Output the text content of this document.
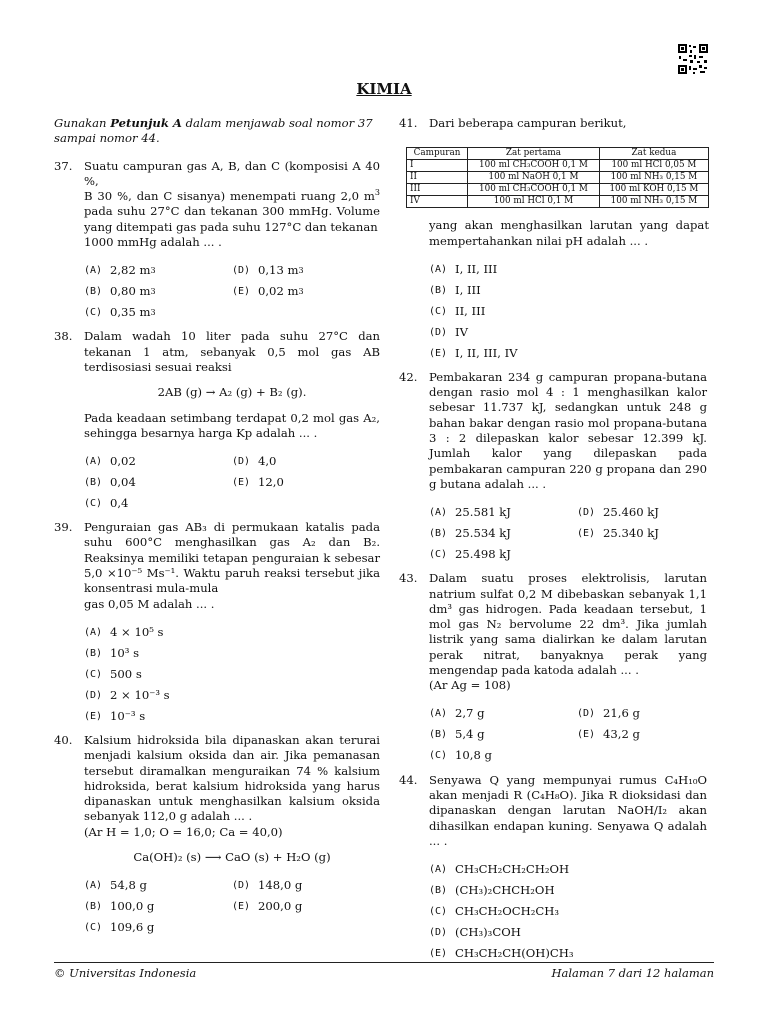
KIMIA
Gunakan Petunjuk A dalam menjawab soal nomor 37 sampai nomor 44.
37. Suatu campuran gas A, B, dan C (komposisi A 40 %,
B 30 %, dan C sisanya) menempati ruang 2,0 $m^3$ pada suhu 27°C dan tekanan 300 mmHg. Volume yang ditempati gas pada suhu 127°C dan tekanan
1000 mmHg adalah ... .

(A) 2,82 m 3	(D) 0,13 m 3
(B) 0,80 m 3	(E) 0,02 m 3
(C) 0,35 m 3
38. Dalam wadah 10 liter pada suhu 27°C dan tekanan 1 atm, sebanyak 0,5 mol gas AB terdisosiasi sesuai reaksi

2AB (g) → A₂ (g) + B₂ (g).

Pada keadaan setimbang terdapat 0,2 mol gas A₂, sehingga besarnya harga Kp adalah ... .

(A) 0,02	(D) 4,0
(B) 0,04	(E) 12,0
(C) 0,4
39. Penguraian gas AB₃ di permukaan katalis pada suhu 600°C menghasilkan gas A₂ dan B₂. Reaksinya memiliki tetapan penguraian k sebesar 5,0 ×10⁻⁵ Ms⁻¹. Waktu paruh reaksi tersebut jika konsentrasi mula-mula
gas 0,05 M adalah ... .

(A) 4 × 10⁵ s
(B) 10³ s
(C) 500 s
(D) 2 × 10⁻³ s
(E) 10⁻³ s
40. Kalsium hidroksida bila dipanaskan akan terurai menjadi kalsium oksida dan air. Jika pemanasan tersebut diramalkan menguraikan 74 % kalsium hidroksida, berat kalsium hidroksida yang harus dipanaskan untuk menghasilkan kalsium oksida sebanyak 112,0 g adalah ... .
(Ar H = 1,0; O = 16,0; Ca = 40,0)

Ca(OH)₂ (s) ⟶ CaO (s) + H₂O (g)
(A) 54,8 g	(D) 148,0 g
(B) 100,0 g	(E) 200,0 g
(C) 109,6 g
41. Dari beberapa campuran berikut,

Campuran	Zat pertama	Zat kedua
I	100 ml CH₃COOH 0,1 M	100 ml HCl 0,05 M
II	100 ml NaOH 0,1 M	100 ml NH₃ 0,15 M
III	100 ml CH₃COOH 0,1 M	100 ml KOH 0,15 M
IV	100 ml HCl 0,1 M	100 ml NH₃ 0,15 M

yang akan menghasilkan larutan yang dapat mempertahankan nilai pH adalah ... .

(A) I, II, III
(B) I, III
(C) II, III
(D) IV
(E) I, II, III, IV
42. Pembakaran 234 g campuran propana-butana dengan rasio mol 4 : 1 menghasilkan kalor sebesar 11.737 kJ, sedangkan untuk 248 g bahan bakar dengan rasio mol propana-butana 3 : 2 dilepaskan kalor sebesar 12.399 kJ. Jumlah kalor yang dilepaskan pada pembakaran campuran 220 g propana dan 290 g butana adalah ... .

(A) 25.581 kJ	(D) 25.460 kJ
(B) 25.534 kJ	(E) 25.340 kJ
(C) 25.498 kJ
43. Dalam suatu proses elektrolisis, larutan natrium sulfat 0,2 M dibebaskan sebanyak 1,1 dm³ gas hidrogen. Pada keadaan tersebut, 1 mol gas N₂ bervolume 22 dm³. Jika jumlah listrik yang sama dialirkan ke dalam larutan perak nitrat, banyaknya perak yang mengendap pada katoda adalah ... .
(Ar Ag = 108)

(A) 2,7 g	(D) 21,6 g
(B) 5,4 g	(E) 43,2 g
(C) 10,8 g
44. Senyawa Q yang mempunyai rumus C₄H₁₀O akan menjadi R (C₄H₈O). Jika R dioksidasi dan dipanaskan dengan larutan NaOH/I₂ akan dihasilkan endapan kuning. Senyawa Q adalah ... .

(A) CH₃CH₂CH₂CH₂OH
(B) (CH₃)₂CHCH₂OH
(C) CH₃CH₂OCH₂CH₃
(D) (CH₃)₃COH
(E) CH₃CH₂CH(OH)CH₃
© Universitas Indonesia	Halaman 7 dari 12 halaman
